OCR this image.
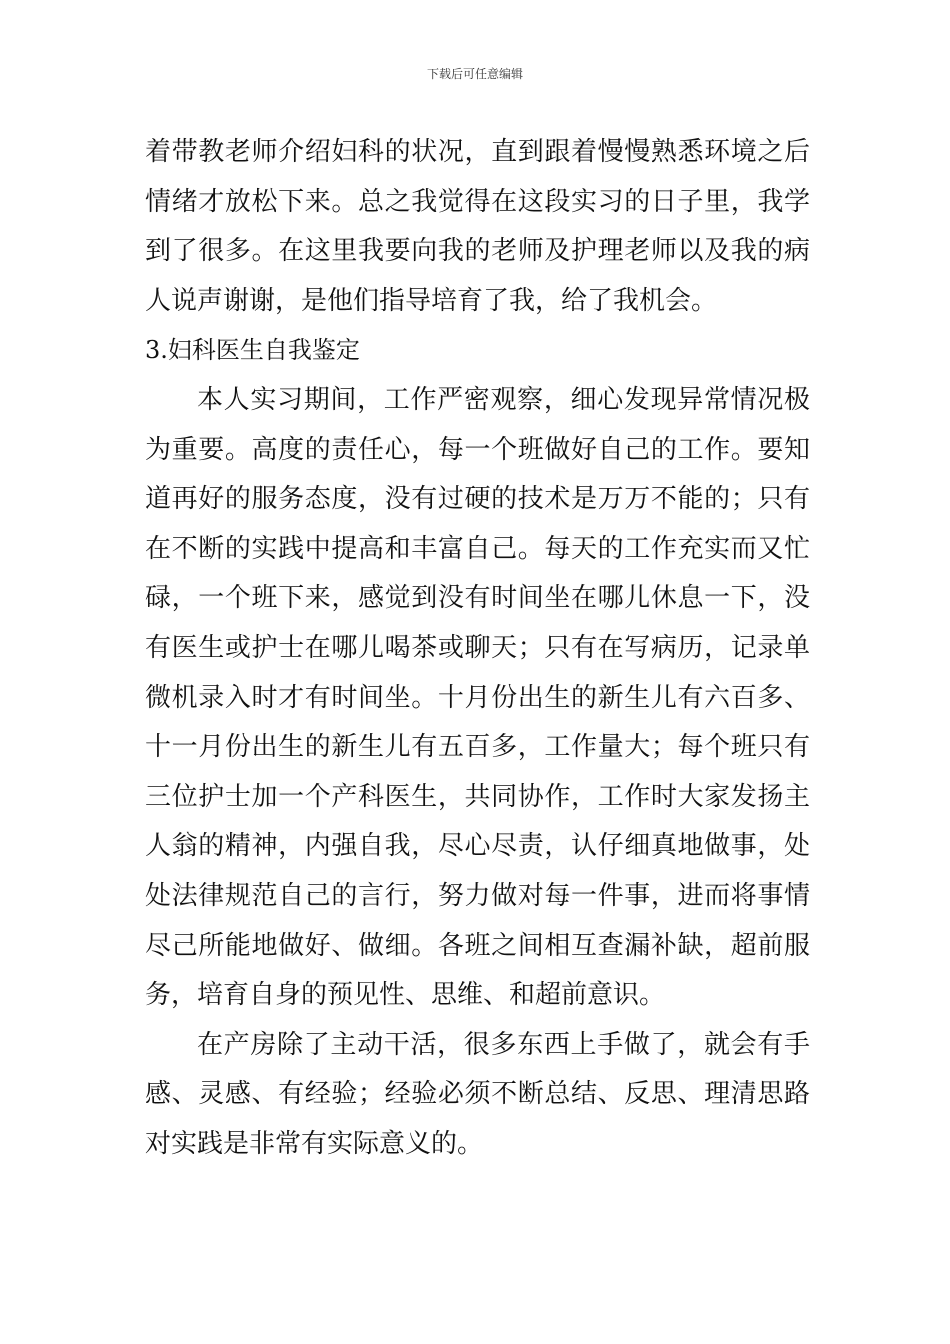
下载后可任意编辑

着带教老师介绍妇科的状况，直到跟着慢慢熟悉环境之后情绪才放松下来。总之我觉得在这段实习的日子里，我学到了很多。在这里我要向我的老师及护理老师以及我的病人说声谢谢，是他们指导培育了我，给了我机会。

3.妇科医生自我鉴定

本人实习期间，工作严密观察，细心发现异常情况极为重要。高度的责任心，每一个班做好自己的工作。要知道再好的服务态度，没有过硬的技术是万万不能的；只有在不断的实践中提高和丰富自己。每天的工作充实而又忙碌，一个班下来，感觉到没有时间坐在哪儿休息一下，没有医生或护士在哪儿喝茶或聊天；只有在写病历，记录单微机录入时才有时间坐。十月份出生的新生儿有六百多、十一月份出生的新生儿有五百多，工作量大；每个班只有三位护士加一个产科医生，共同协作，工作时大家发扬主人翁的精神，内强自我，尽心尽责，认仔细真地做事，处处法律规范自己的言行，努力做对每一件事，进而将事情尽己所能地做好、做细。各班之间相互查漏补缺，超前服务，培育自身的预见性、思维、和超前意识。

在产房除了主动干活，很多东西上手做了，就会有手感、灵感、有经验；经验必须不断总结、反思、理清思路对实践是非常有实际意义的。
